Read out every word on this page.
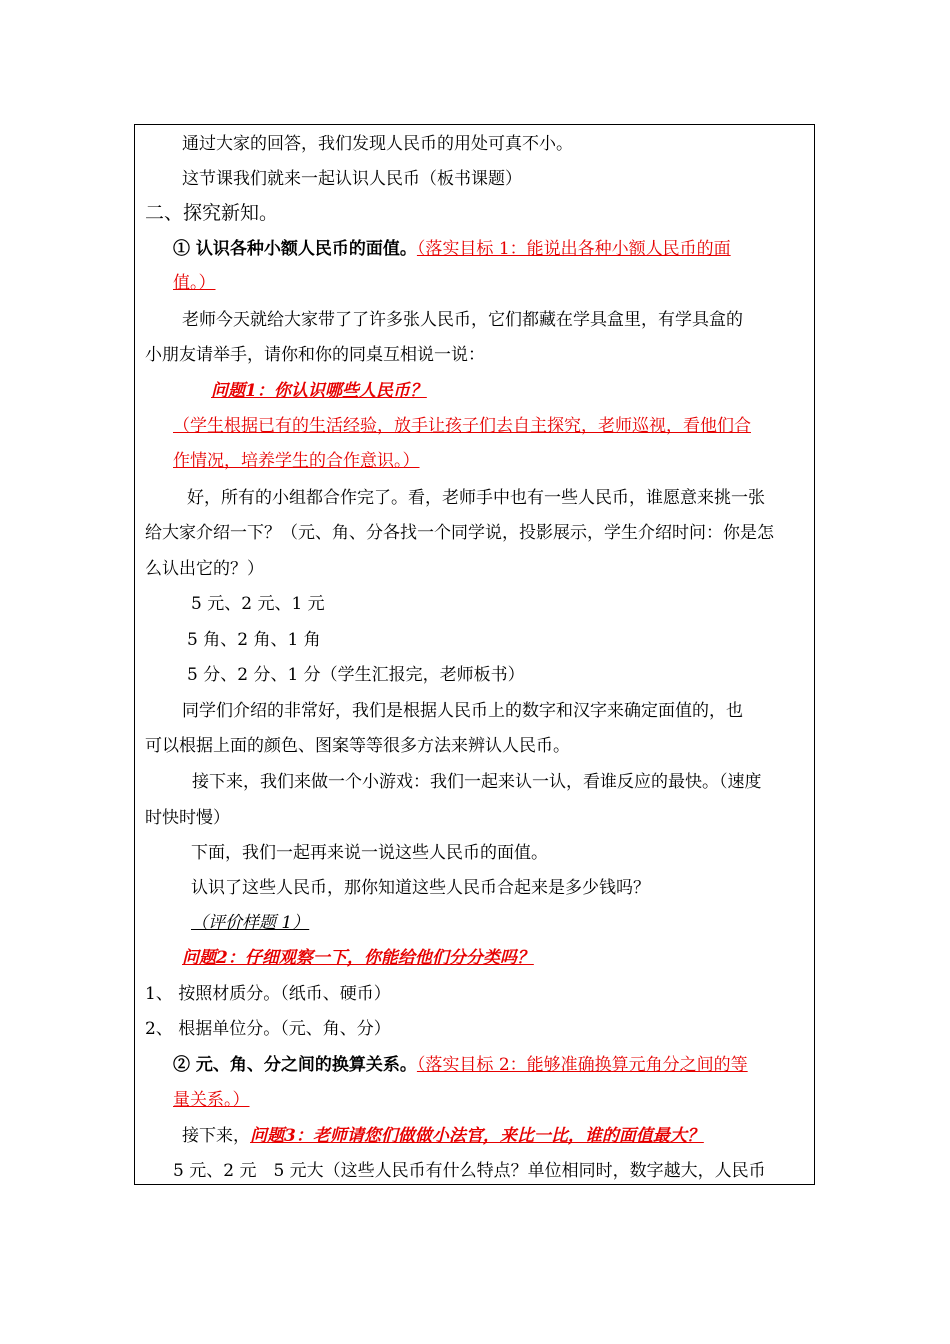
通过大家的回答，我们发现人民币的用处可真不小。
这节课我们就来一起认识人民币（板书课题）
二、探究新知。
① 认识各种小额人民币的面值。（落实目标 1：能说出各种小额人民币的面
值。）
老师今天就给大家带了了许多张人民币，它们都藏在学具盒里，有学具盒的
小朋友请举手，请你和你的同桌互相说一说：
问题1：你认识哪些人民币？
（学生根据已有的生活经验，放手让孩子们去自主探究，老师巡视，看他们合
作情况，培养学生的合作意识。）
好，所有的小组都合作完了。看，老师手中也有一些人民币，谁愿意来挑一张
给大家介绍一下？（元、角、分各找一个同学说，投影展示，学生介绍时问：你是怎
么认出它的？）
5 元、2 元、1 元
5 角、2 角、1 角
5 分、2 分、1 分（学生汇报完，老师板书）
同学们介绍的非常好，我们是根据人民币上的数字和汉字来确定面值的，也
可以根据上面的颜色、图案等等很多方法来辨认人民币。
接下来，我们来做一个小游戏：我们一起来认一认，看谁反应的最快。（速度
时快时慢）
下面，我们一起再来说一说这些人民币的面值。
认识了这些人民币，那你知道这些人民币合起来是多少钱吗？
（评价样题 1）
问题2：仔细观察一下，你能给他们分分类吗？
1、 按照材质分。（纸币、硬币）
2、 根据单位分。（元、角、分）
② 元、角、分之间的换算关系。（落实目标 2：能够准确换算元角分之间的等
量关系。）
接下来，问题3：老师请您们做做小法官，来比一比，谁的面值最大？
5 元、2 元　5 元大（这些人民币有什么特点？单位相同时，数字越大，人民币
